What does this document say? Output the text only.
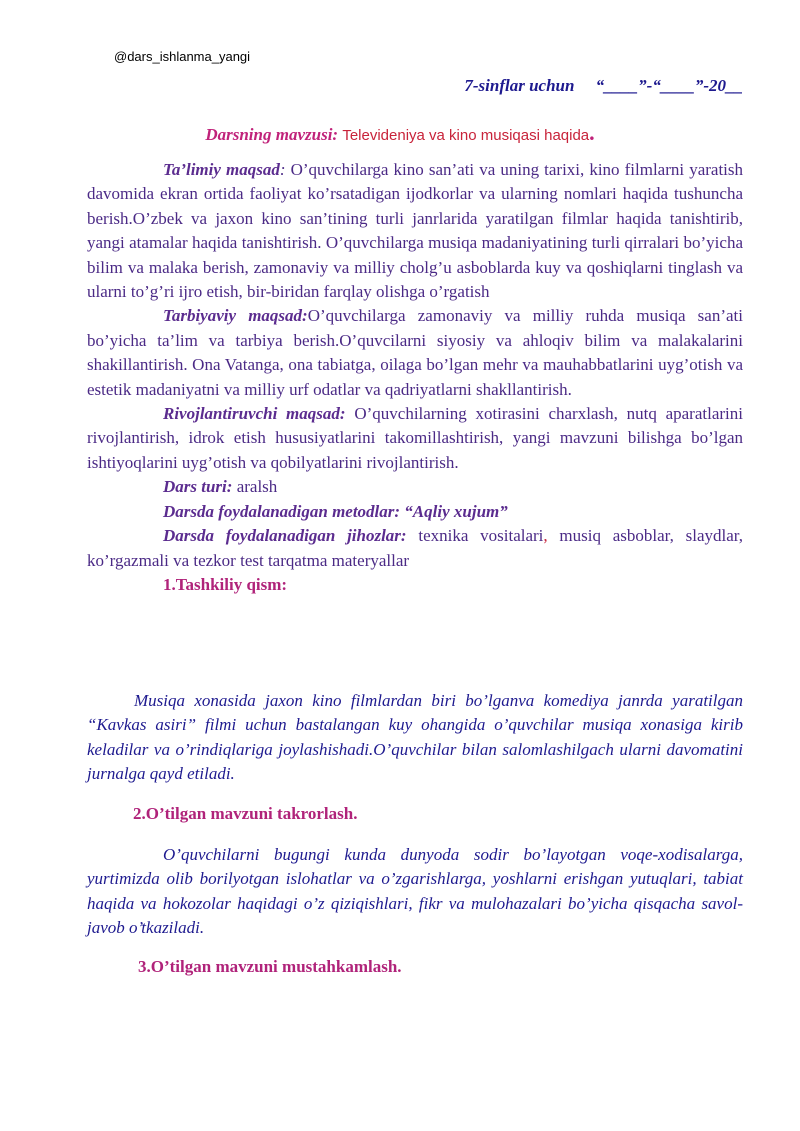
@dars_ishlanma_yangi
7-sinflar uchun     “____”-“____”-20__
Darsning mavzusi: Televideniya va kino musiqasi haqida.
Ta’limiy maqsad: O’quvchilarga kino san’ati va uning tarixi, kino filmlarni yaratish davomida ekran ortida faoliyat ko’rsatadigan ijodkorlar va ularning nomlari haqida tushuncha berish.O’zbek va jaxon kino san’tining turli janrlarida yaratilgan filmlar haqida tanishtirib, yangi atamalar haqida tanishtirish. O’quvchilarga musiqa madaniyatining turli qirralari bo’yicha bilim va malaka berish, zamonaviy va milliy cholg’u asboblarda kuy va qoshiqlarni tinglash va ularni to’g’ri ijro etish, bir-biridan farqlay olishga o’rgatish
Tarbiyaviy maqsad:O’quvchilarga zamonaviy va milliy ruhda musiqa san’ati bo’yicha ta’lim va tarbiya berish.O’quvcilarni siyosiy va ahloqiv bilim va malakalarini shakillantirish. Ona Vatanga, ona tabiatga, oilaga bo’lgan mehr va mauhabbatlarini uyg’otish va estetik madaniyatni va milliy urf odatlar va qadriyatlarni shakllantirish.
Rivojlantiruvchi maqsad: O’quvchilarning xotirasini charxlash, nutq aparatlarini rivojlantirish, idrok etish hususiyatlarini takomillashtirish, yangi mavzuni bilishga bo’lgan ishtiyoqlarini uyg’otish va qobilyatlarini rivojlantirish.
Dars turi: aralsh
Darsda foydalanadigan metodlar: “Aqliy xujum”
Darsda foydalanadigan jihozlar: texnika vositalari, musiq asboblar, slaydlar, ko’rgazmali va tezkor test tarqatma materyallar
1.Tashkiliy qism:
Musiqa xonasida jaxon kino filmlardan biri bo’lganva komediya janrda yaratilgan “Kavkas asiri” filmi uchun bastalangan kuy ohangida o’quvchilar musiqa xonasiga kirib keladilar va o’rindiqlariga joylashishadi.O’quvchilar bilan salomlashilgach ularni davomatini jurnalga qayd etiladi.
2.O’tilgan mavzuni takrorlash.
O’quvchilarni bugungi kunda dunyoda sodir bo’layotgan voqe-xodisalarga, yurtimizda olib borilyotgan islohatlar va o’zgarishlarga, yoshlarni erishgan yutuqlari, tabiat haqida va hokozolar haqidagi o’z qiziqishlari, fikr va mulohazalari bo’yicha qisqacha savol-javob o’tkaziladi.
3.O’tilgan mavzuni mustahkamlash.
